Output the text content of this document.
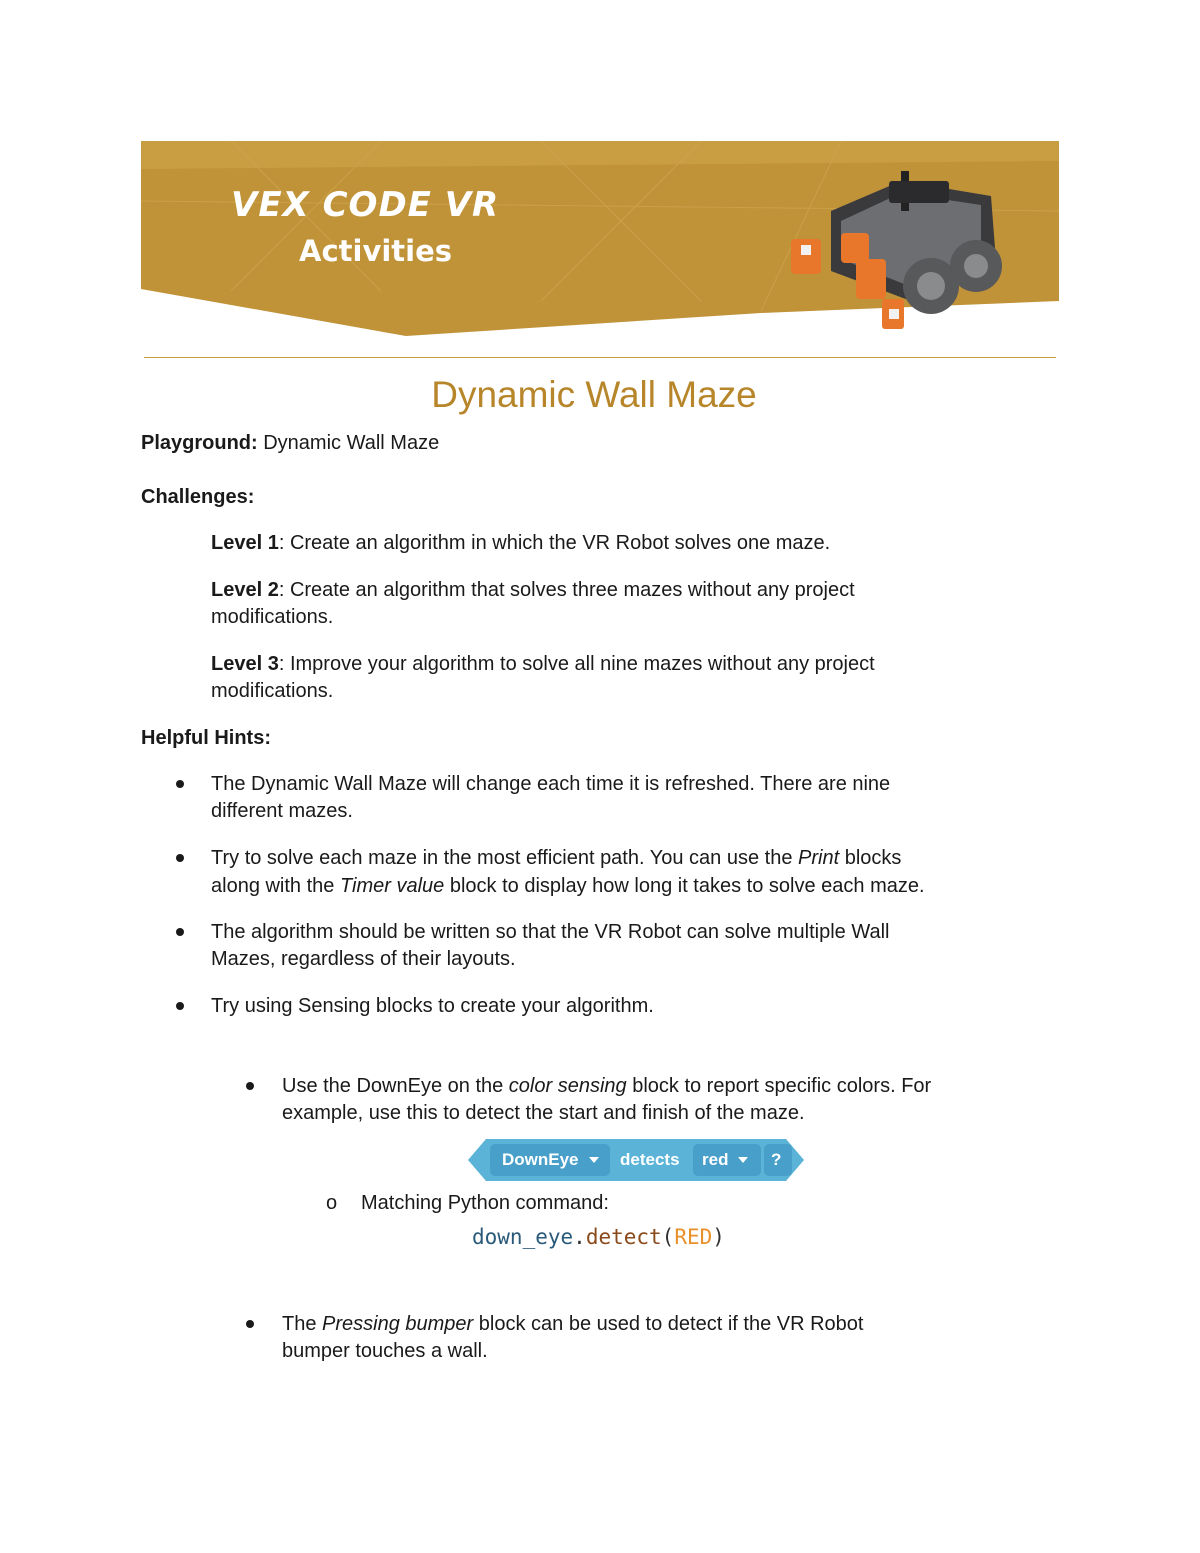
VEX CODE VR
Activities
Dynamic Wall Maze
Playground: Dynamic Wall Maze
Challenges:
Level 1: Create an algorithm in which the VR Robot solves one maze.
Level 2: Create an algorithm that solves three mazes without any project
modifications.
Level 3: Improve your algorithm to solve all nine mazes without any project
modifications.
Helpful Hints:
The Dynamic Wall Maze will change each time it is refreshed. There are nine
different mazes.
Try to solve each maze in the most efficient path. You can use the Print blocks
along with the Timer value block to display how long it takes to solve each maze.
The algorithm should be written so that the VR Robot can solve multiple Wall
Mazes, regardless of their layouts.
Try using Sensing blocks to create your algorithm.
Use the DownEye on the color sensing block to report specific colors. For
example, use this to detect the start and finish of the maze.
DownEye detects red	?
o Matching Python command:
down_eye.detect(RED)
The Pressing bumper block can be used to detect if the VR Robot
bumper touches a wall.
